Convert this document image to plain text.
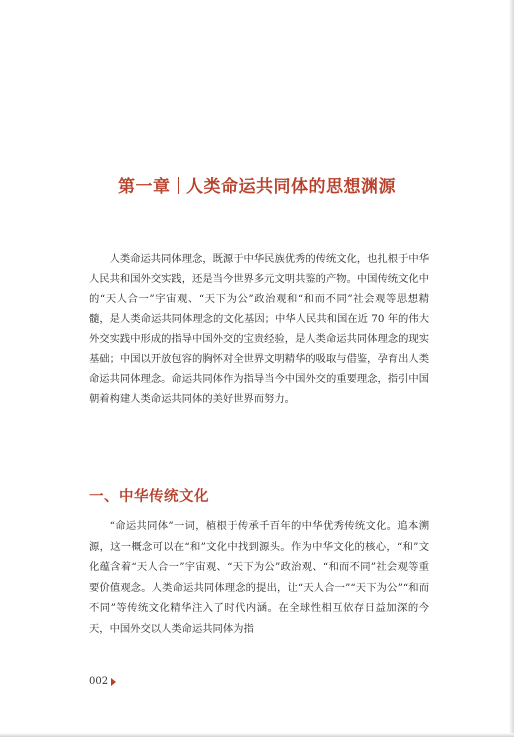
第一章 人类命运共同体的思想渊源

人类命运共同体理念，既源于中华民族优秀的传统文化，也扎根于中华人民共和国外交实践，还是当今世界多元文明共鉴的产物。中国传统文化中的“天人合一”宇宙观、“天下为公”政治观和“和而不同”社会观等思想精髓，是人类命运共同体理念的文化基因；中华人民共和国在近 70 年的伟大外交实践中形成的指导中国外交的宝贵经验，是人类命运共同体理念的现实基础；中国以开放包容的胸怀对全世界文明精华的吸取与借鉴，孕育出人类命运共同体理念。命运共同体作为指导当今中国外交的重要理念，指引中国朝着构建人类命运共同体的美好世界而努力。

一、中华传统文化

“命运共同体”一词，植根于传承千百年的中华优秀传统文化。追本溯源，这一概念可以在“和”文化中找到源头。作为中华文化的核心，“和”文化蕴含着“天人合一”宇宙观、“天下为公”政治观、“和而不同”社会观等重要价值观念。人类命运共同体理念的提出，让“天人合一”“天下为公”“和而不同”等传统文化精华注入了时代内涵。在全球性相互依存日益加深的今天，中国外交以人类命运共同体为指

002
